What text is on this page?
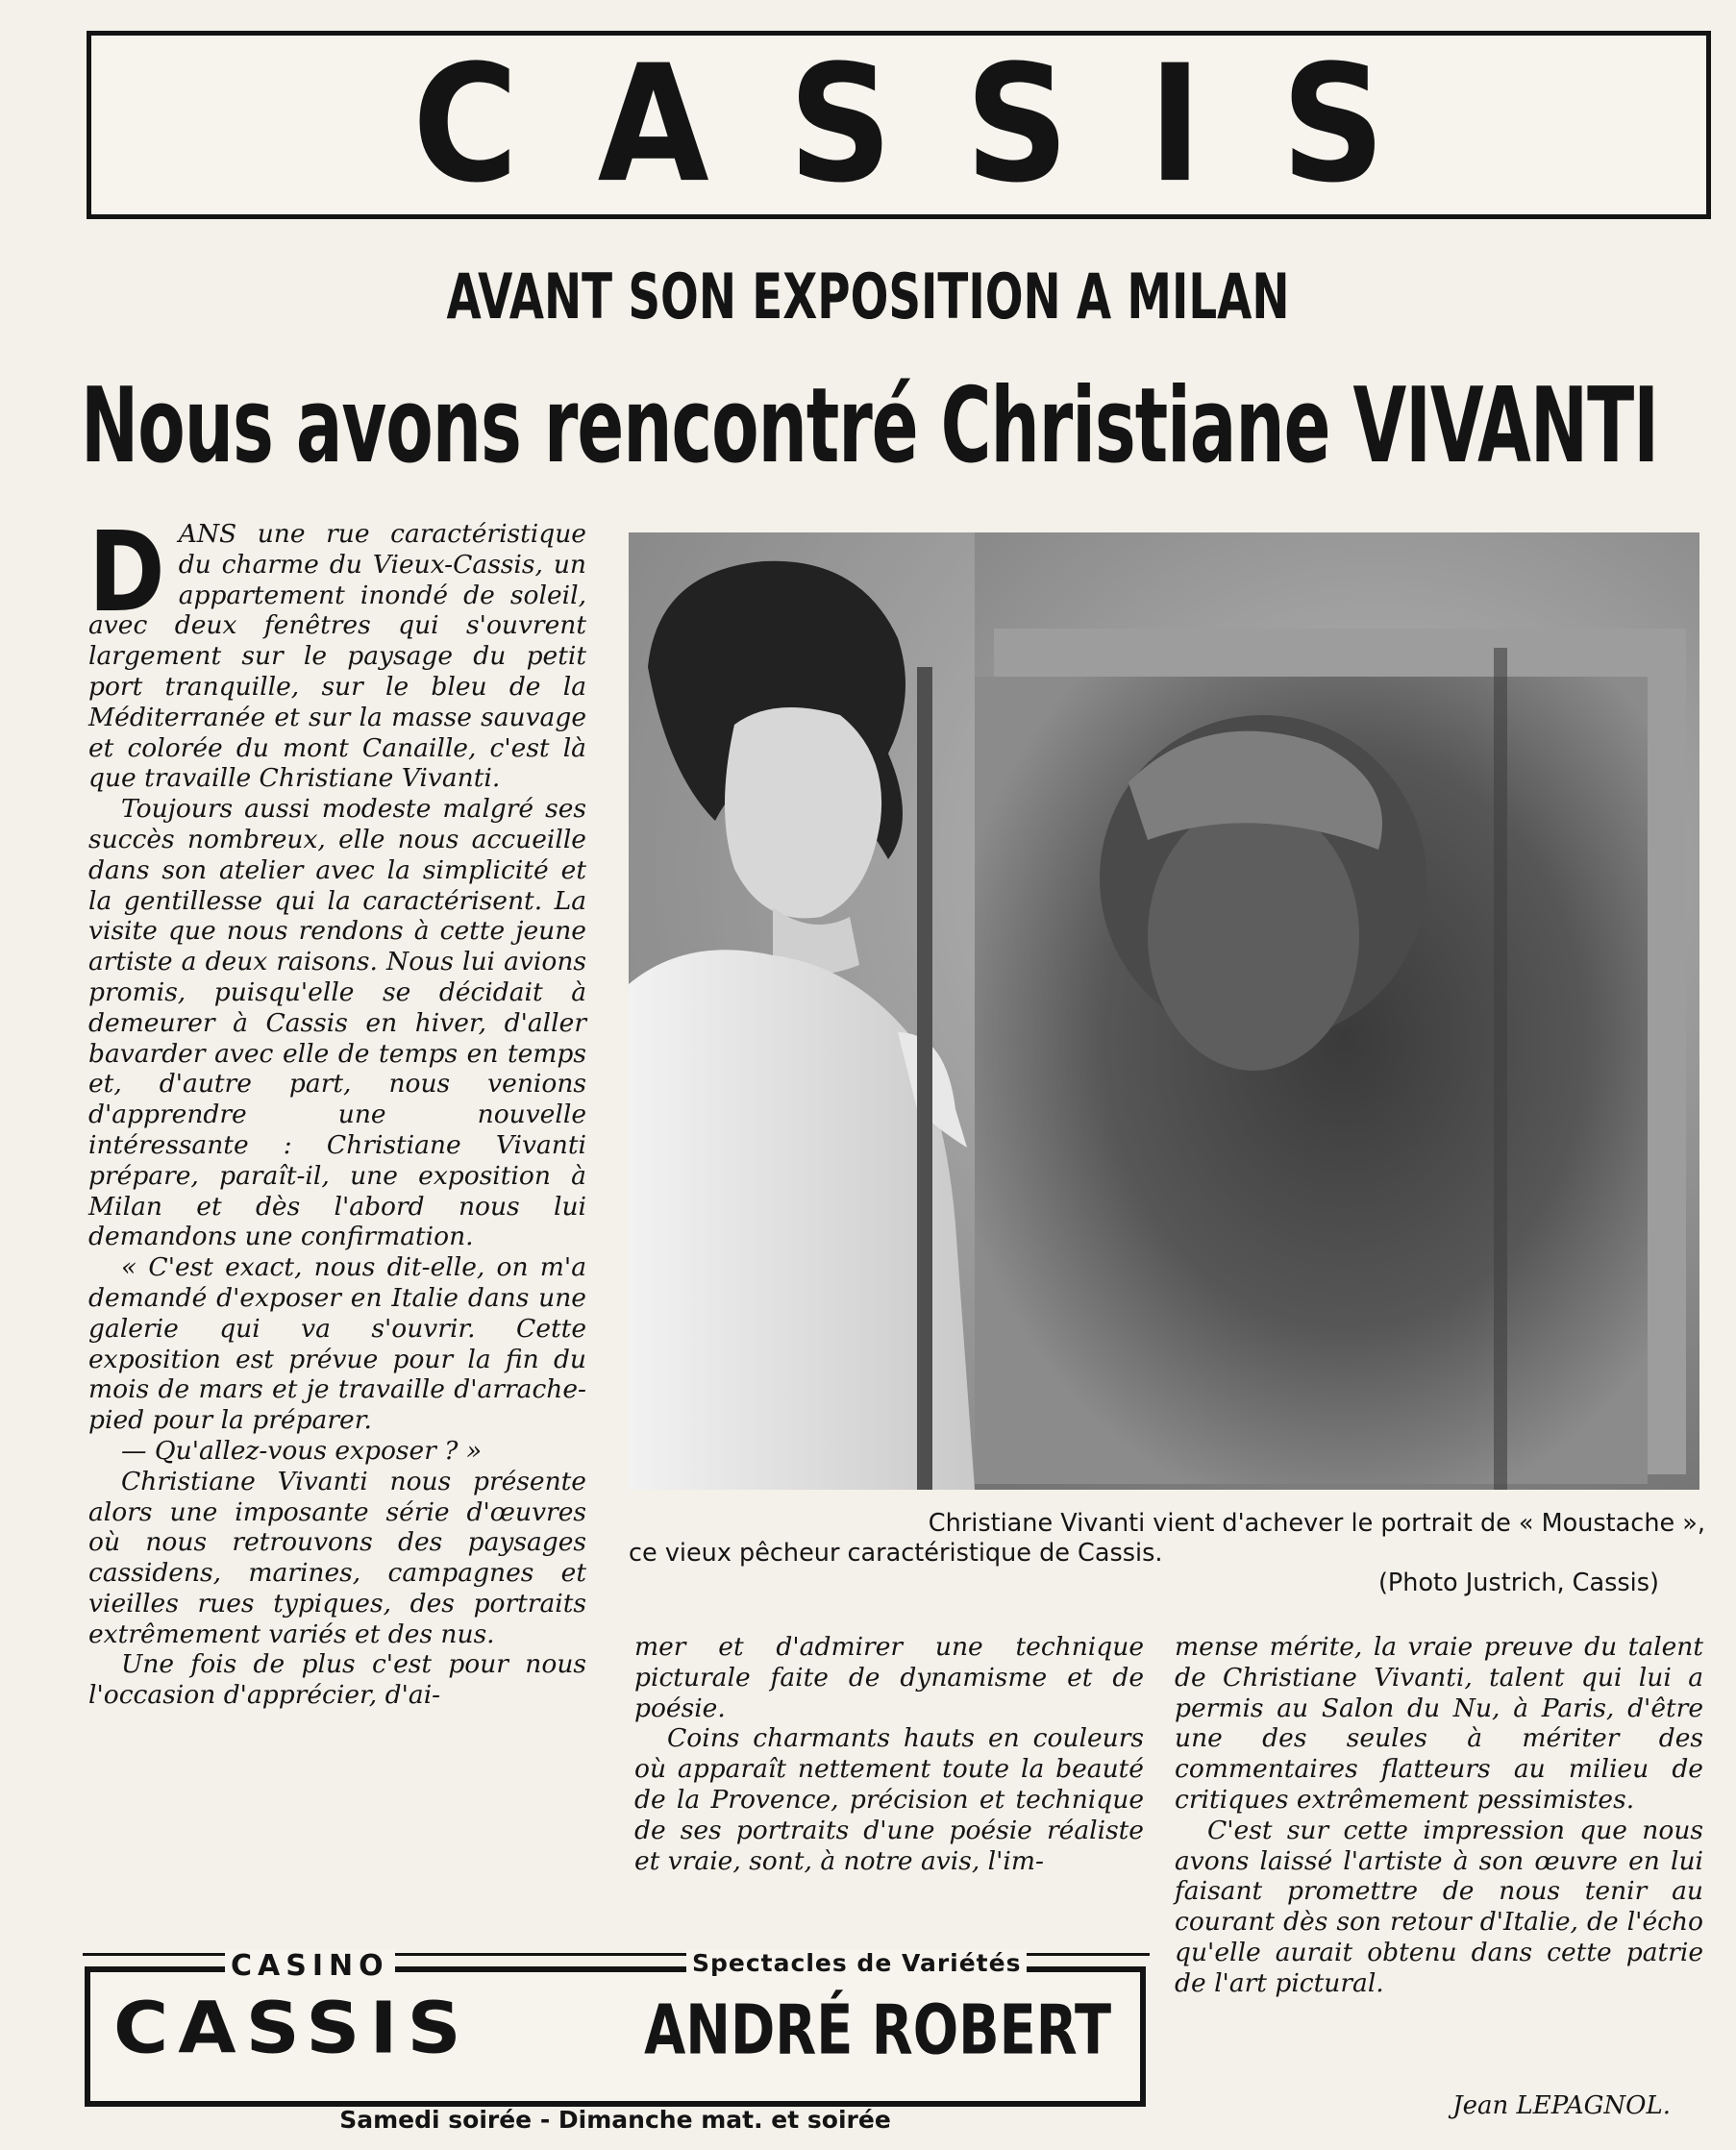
CASSIS
AVANT SON EXPOSITION A MILAN
Nous avons rencontré Christiane VIVANTI
D ANS une rue caractéristique du charme du Vieux-Cassis, un appartement inondé de soleil, avec deux fenêtres qui s'ouvrent largement sur le paysage du petit port tranquille, sur le bleu de la Méditerranée et sur la masse sauvage et colorée du mont Canaille, c'est là que travaille Christiane Vivanti.

Toujours aussi modeste malgré ses succès nombreux, elle nous accueille dans son atelier avec la simplicité et la gentillesse qui la caractérisent. La visite que nous rendons à cette jeune artiste a deux raisons. Nous lui avions promis, puisqu'elle se décidait à demeurer à Cassis en hiver, d'aller bavarder avec elle de temps en temps et, d'autre part, nous venions d'apprendre une nouvelle intéressante : Christiane Vivanti prépare, paraît-il, une exposition à Milan et dès l'abord nous lui demandons une confirmation.

« C'est exact, nous dit-elle, on m'a demandé d'exposer en Italie dans une galerie qui va s'ouvrir. Cette exposition est prévue pour la fin du mois de mars et je travaille d'arrache-pied pour la préparer.

— Qu'allez-vous exposer ? »

Christiane Vivanti nous présente alors une imposante série d'œuvres où nous retrouvons des paysages cassidens, marines, campagnes et vieilles rues typiques, des portraits extrêmement variés et des nus.

Une fois de plus c'est pour nous l'occasion d'apprécier, d'ai-

Christiane Vivanti vient d'achever le portrait de « Moustache »,
ce vieux pêcheur caractéristique de Cassis.
(Photo Justrich, Cassis)

mer et d'admirer une technique picturale faite de dynamisme et de poésie.

Coins charmants hauts en couleurs où apparaît nettement toute la beauté de la Provence, précision et technique de ses portraits d'une poésie réaliste et vraie, sont, à notre avis, l'im-

mense mérite, la vraie preuve du talent de Christiane Vivanti, talent qui lui a permis au Salon du Nu, à Paris, d'être une des seules à mériter des commentaires flatteurs au milieu de critiques extrêmement pessimistes.

C'est sur cette impression que nous avons laissé l'artiste à son œuvre en lui faisant promettre de nous tenir au courant dès son retour d'Italie, de l'écho qu'elle aurait obtenu dans cette patrie de l'art pictural.

Jean LEPAGNOL.
CASINO	Spectacles de Variétés
CASSIS	ANDRÉ ROBERT
Samedi soirée - Dimanche mat. et soirée
